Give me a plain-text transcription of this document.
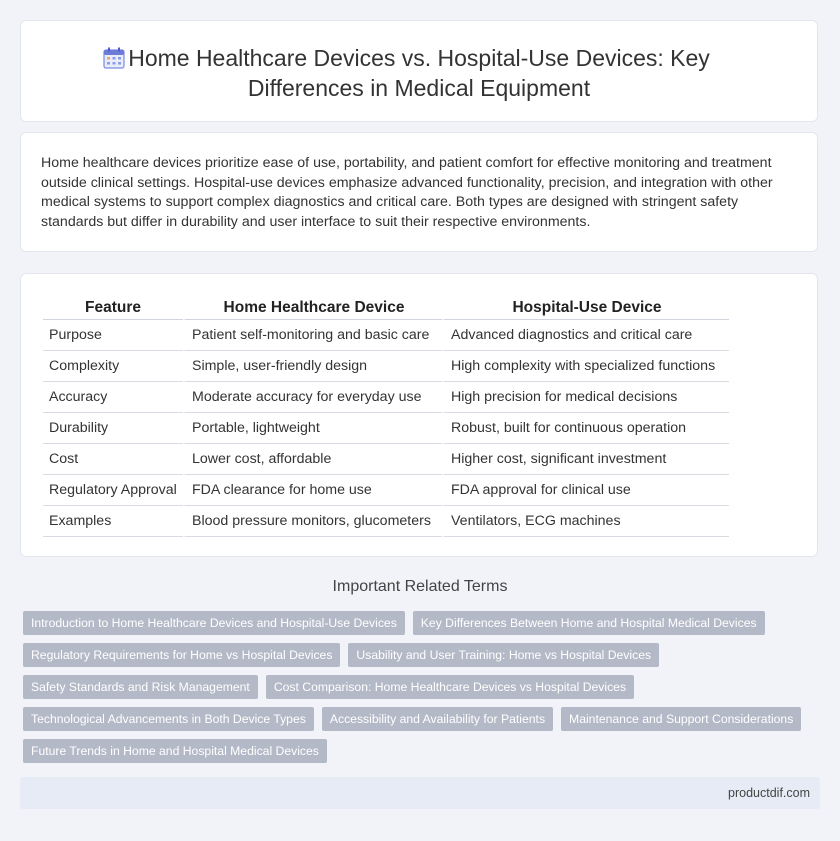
Home Healthcare Devices vs. Hospital-Use Devices: Key
Differences in Medical Equipment
Home healthcare devices prioritize ease of use, portability, and patient comfort for effective monitoring and treatment outside clinical settings. Hospital-use devices emphasize advanced functionality, precision, and integration with other medical systems to support complex diagnostics and critical care. Both types are designed with stringent safety standards but differ in durability and user interface to suit their respective environments.
Feature	Home Healthcare Device	Hospital-Use Device
Purpose	Patient self-monitoring and basic care	Advanced diagnostics and critical care
Complexity	Simple, user-friendly design	High complexity with specialized functions
Accuracy	Moderate accuracy for everyday use	High precision for medical decisions
Durability	Portable, lightweight	Robust, built for continuous operation
Cost	Lower cost, affordable	Higher cost, significant investment
Regulatory Approval	FDA clearance for home use	FDA approval for clinical use
Examples	Blood pressure monitors, glucometers	Ventilators, ECG machines
Important Related Terms
Introduction to Home Healthcare Devices and Hospital-Use Devices	Key Differences Between Home and Hospital Medical Devices
Regulatory Requirements for Home vs Hospital Devices	Usability and User Training: Home vs Hospital Devices
Safety Standards and Risk Management	Cost Comparison: Home Healthcare Devices vs Hospital Devices
Technological Advancements in Both Device Types	Accessibility and Availability for Patients	Maintenance and Support Considerations
Future Trends in Home and Hospital Medical Devices
productdif.com
